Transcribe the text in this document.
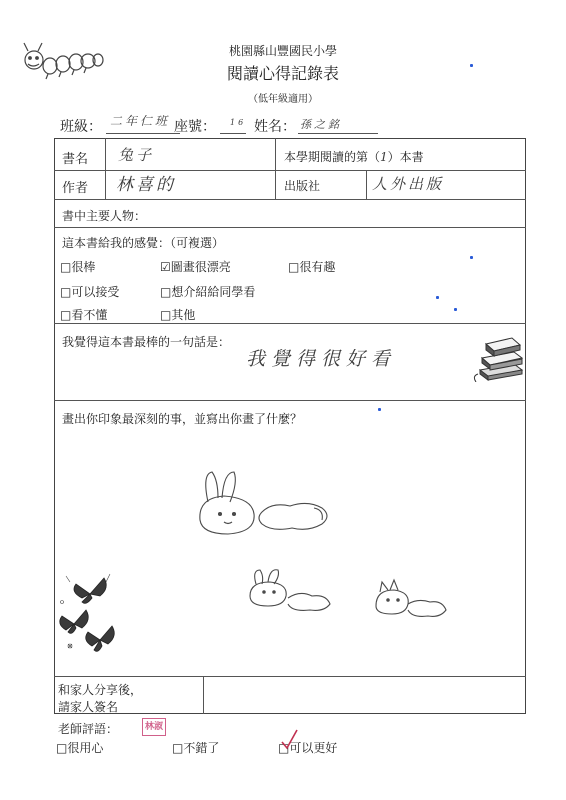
桃園縣山豐國民小學
閱讀心得記錄表
（低年級適用）
班級： 二年仁班 座號： 16 姓名： 孫之銘
書名 兔子	本學期閱讀的第（1）本書
作者 林喜的	出版社	人外出版
書中主要人物：
這本書給我的感覺：（可複選）
□ 很棒 ☑	圖畫很漂亮 □	很有趣
□ 可以接受 □	想介紹給同學看
□ 看不懂 □	其他
我覺得這本書最棒的一句話是：
我覺得很好看
畫出你印象最深刻的事，並寫出你畫了什麼？
和家人分享後，
請家人簽名
老師評語：	林淑
□ 很用心 □	不錯了 □	可以更好
